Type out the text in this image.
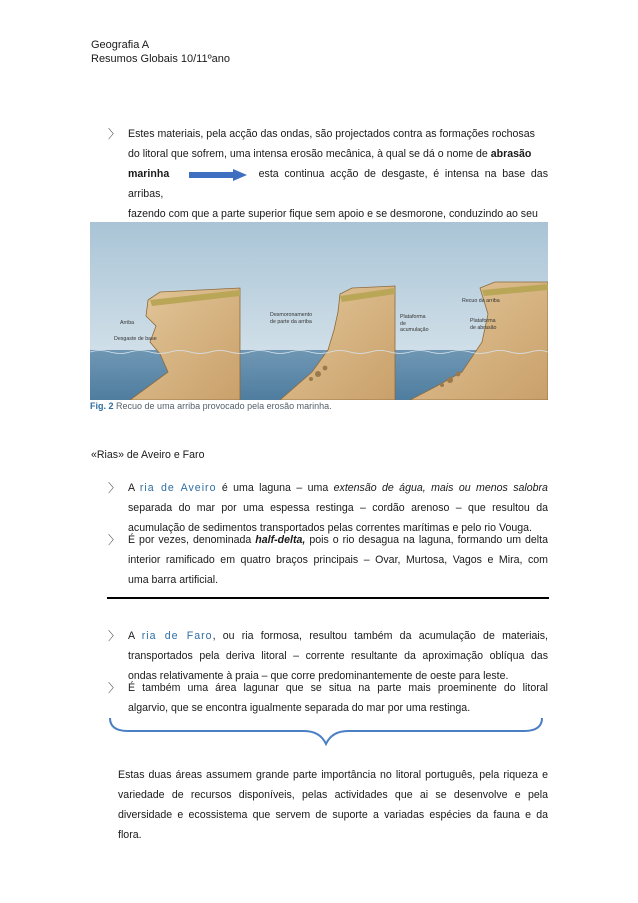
Geografia A
Resumos Globais 10/11ºano
〉 Estes materiais, pela acção das ondas, são projectados contra as formações rochosas
do litoral que sofrem, uma intensa erosão mecânica, à qual se dá o nome de abrasão
marinha	esta continua acção de desgaste, é intensa na base das arribas,
fazendo com que a parte superior fique sem apoio e se desmorone, conduzindo ao seu
Arriba
Desgaste de base
Desmoronamento
de parte da arriba
Plataforma
de
acumulação
Recuo da arriba
Plataforma
de abrasão
Fig. 2 Recuo de uma arriba provocado pela erosão marinha.
«Rias» de Aveiro e Faro
〉 A ria de Aveiro é uma laguna – uma extensão de água, mais ou menos salobra
separada do mar por uma espessa restinga – cordão arenoso – que resultou da
acumulação de sedimentos transportados pelas correntes marítimas e pelo rio Vouga.
〉 É por vezes, denominada half-delta, pois o rio desagua na laguna, formando um delta
interior ramificado em quatro braços principais – Ovar, Murtosa, Vagos e Mira, com
uma barra artificial.
〉 A ria de Faro, ou ria formosa, resultou também da acumulação de materiais,
transportados pela deriva litoral – corrente resultante da aproximação oblíqua das
ondas relativamente à praia – que corre predominantemente de oeste para leste.
〉 É também uma área lagunar que se situa na parte mais proeminente do litoral
algarvio, que se encontra igualmente separada do mar por uma restinga.
Estas duas áreas assumem grande parte importância no litoral português, pela riqueza e
variedade de recursos disponíveis, pelas actividades que ai se desenvolve e pela
diversidade e ecossistema que servem de suporte a variadas espécies da fauna e da
flora.
